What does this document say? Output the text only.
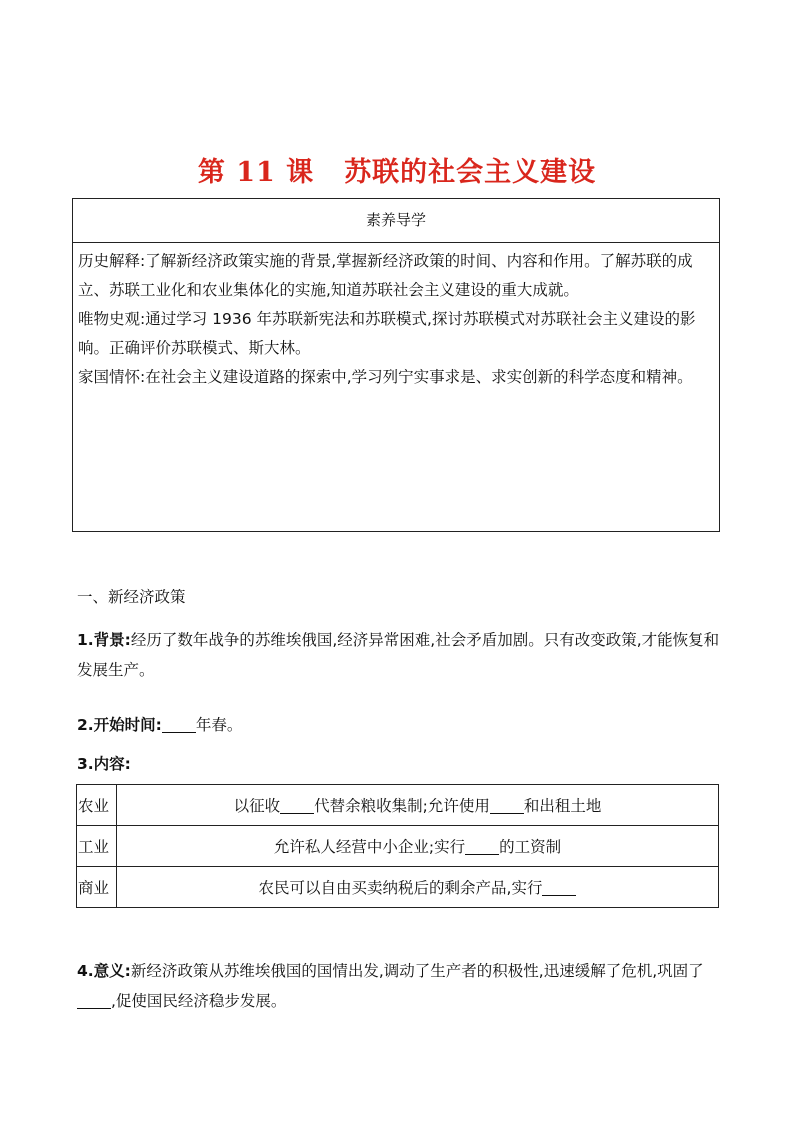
第 11 课 苏联的社会主义建设
素养导学

历史解释:了解新经济政策实施的背景,掌握新经济政策的时间、内容和作用。了解苏联的成立、苏联工业化和农业集体化的实施,知道苏联社会主义建设的重大成就。

唯物史观:通过学习 1936 年苏联新宪法和苏联模式,探讨苏联模式对苏联社会主义建设的影响。正确评价苏联模式、斯大林。

家国情怀:在社会主义建设道路的探索中,学习列宁实事求是、求实创新的科学态度和精神。

一、新经济政策
1.背景:经历了数年战争的苏维埃俄国,经济异常困难,社会矛盾加剧。只有改变政策,才能恢复和发展生产。
2.开始时间: 年春。
3.内容:
农业	以征收 代替余粮收集制;允许使用 和出租土地
工业	允许私人经营中小企业;实行 的工资制
商业	农民可以自由买卖纳税后的剩余产品,实行
4.意义:新经济政策从苏维埃俄国的国情出发,调动了生产者的积极性,迅速缓解了危机,巩固了,促使国民经济稳步发展。
